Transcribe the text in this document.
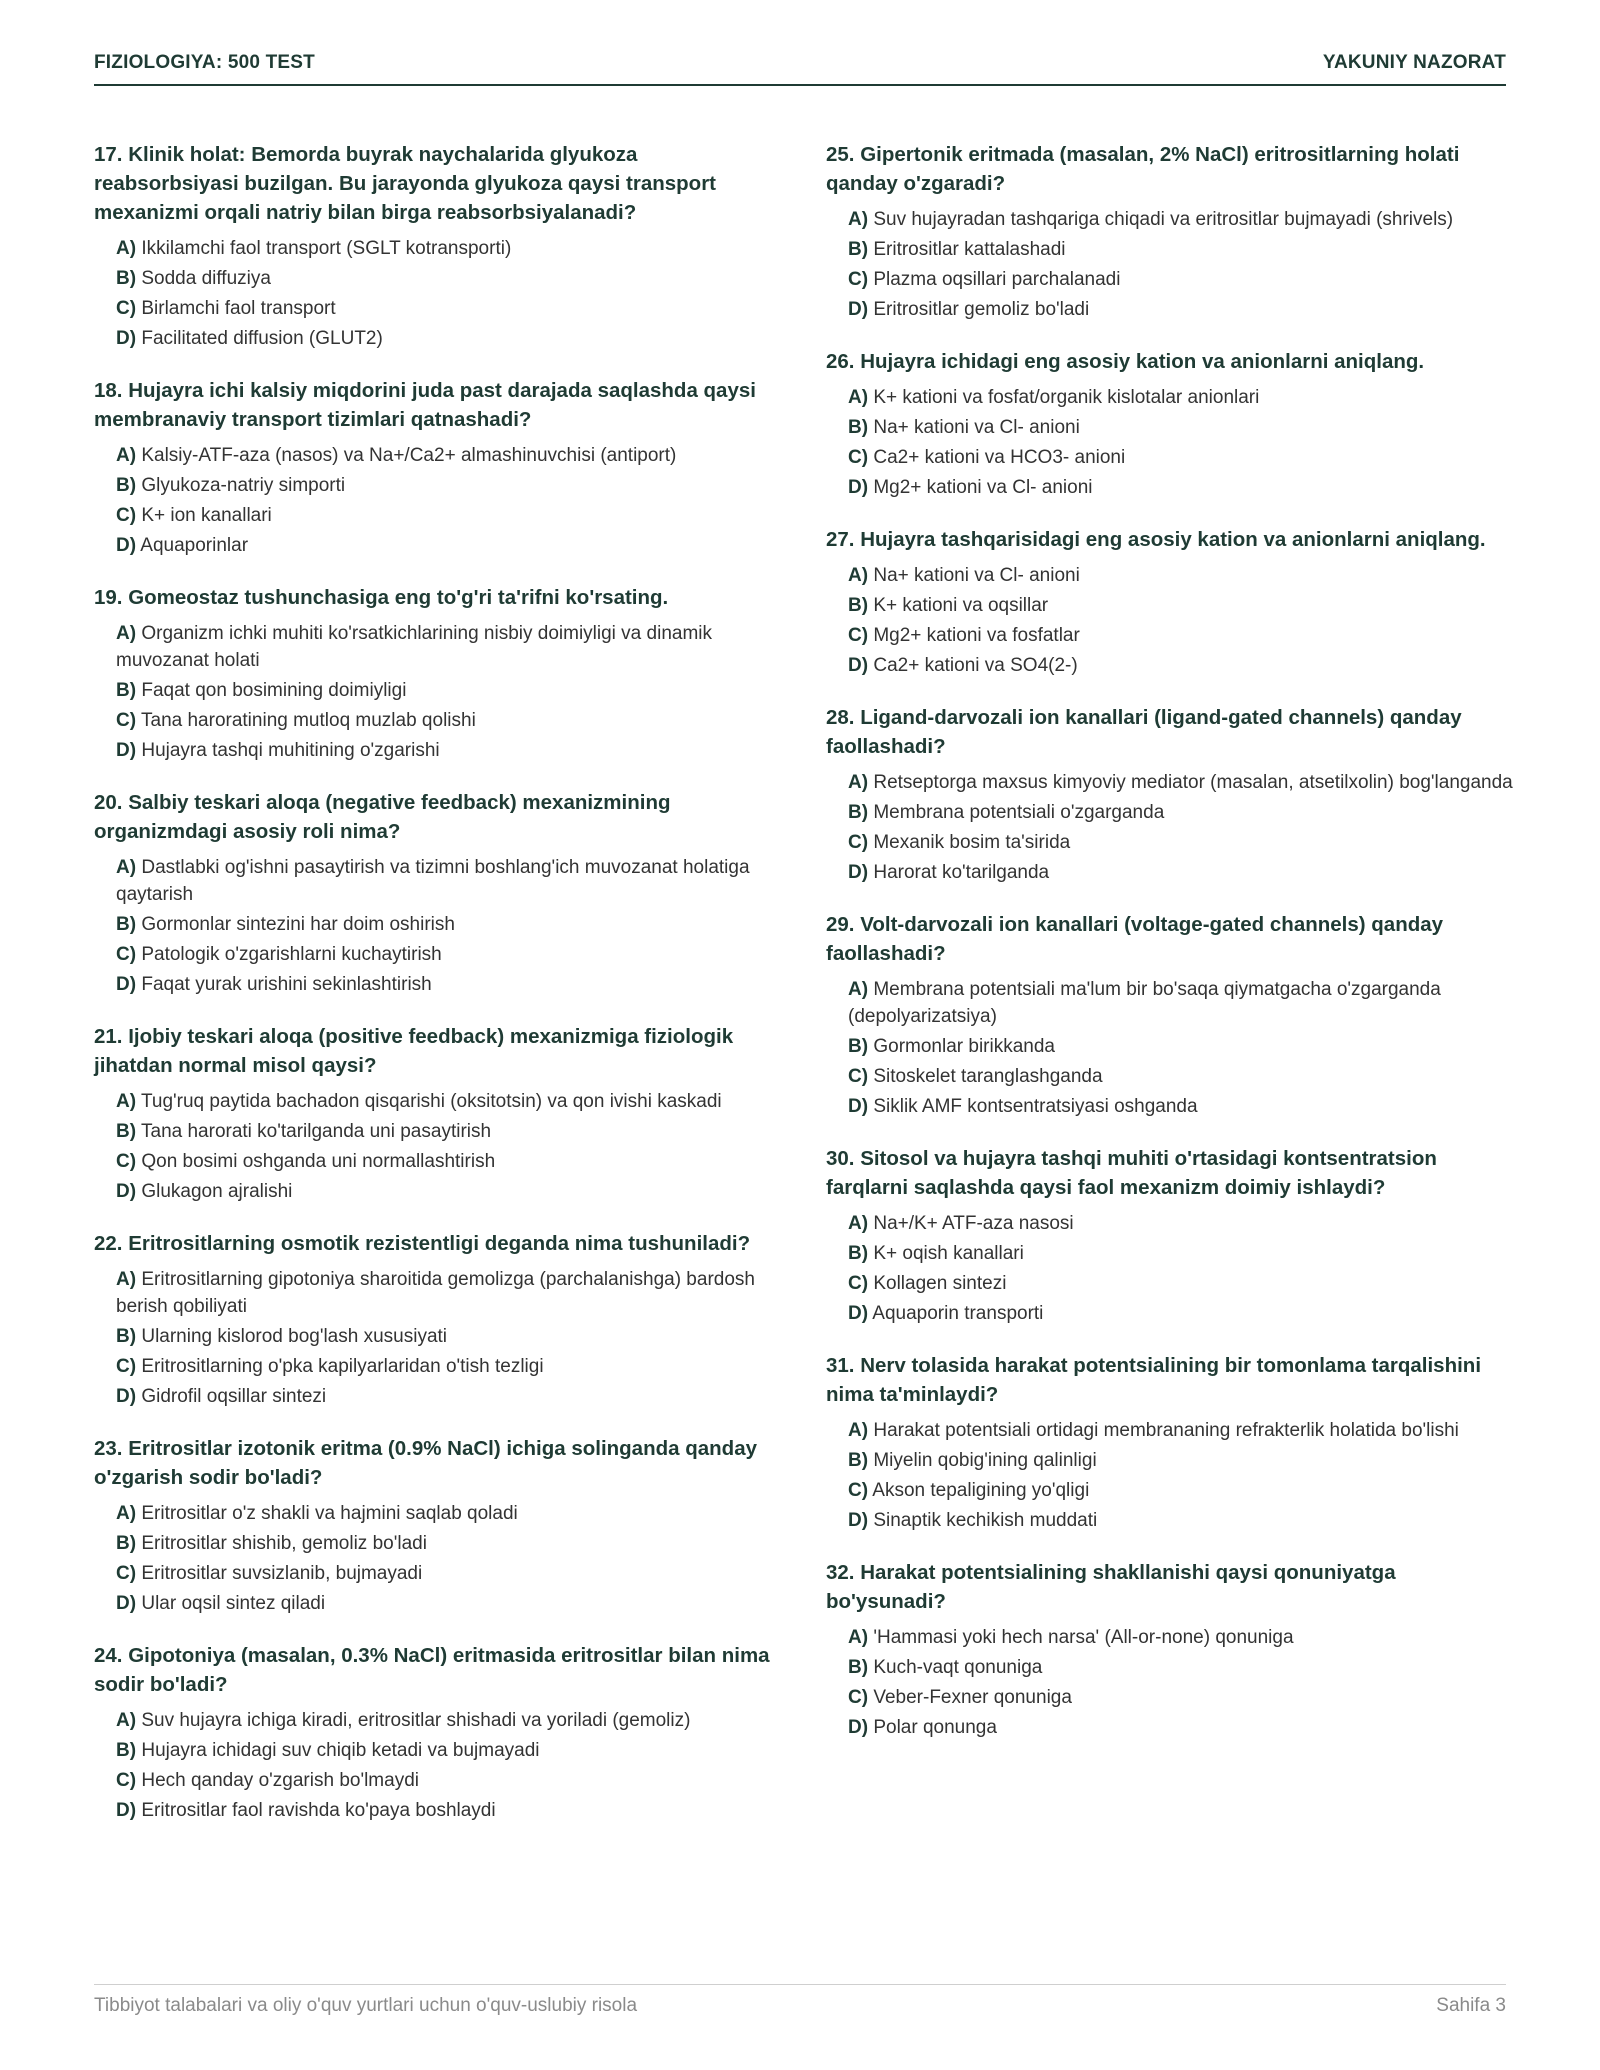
FIZIOLOGIYA: 500 TEST	YAKUNIY NAZORAT

17. Klinik holat: Bemorda buyrak naychalarida glyukoza reabsorbsiyasi buzilgan. Bu jarayonda glyukoza qaysi transport mexanizmi orqali natriy bilan birga reabsorbsiyalanadi?

A) Ikkilamchi faol transport (SGLT kotransporti)
B) Sodda diffuziya
C) Birlamchi faol transport
D) Facilitated diffusion (GLUT2)

18. Hujayra ichi kalsiy miqdorini juda past darajada saqlashda qaysi membranaviy transport tizimlari qatnashadi?

A) Kalsiy-ATF-aza (nasos) va Na+/Ca2+ almashinuvchisi (antiport)
B) Glyukoza-natriy simporti
C) K+ ion kanallari
D) Aquaporinlar

19. Gomeostaz tushunchasiga eng to'g'ri ta'rifni ko'rsating.

A) Organizm ichki muhiti ko'rsatkichlarining nisbiy doimiyligi va dinamik muvozanat holati
B) Faqat qon bosimining doimiyligi
C) Tana haroratining mutloq muzlab qolishi
D) Hujayra tashqi muhitining o'zgarishi

20. Salbiy teskari aloqa (negative feedback) mexanizmining organizmdagi asosiy roli nima?

A) Dastlabki og'ishni pasaytirish va tizimni boshlang'ich muvozanat holatiga qaytarish
B) Gormonlar sintezini har doim oshirish
C) Patologik o'zgarishlarni kuchaytirish
D) Faqat yurak urishini sekinlashtirish

21. Ijobiy teskari aloqa (positive feedback) mexanizmiga fiziologik jihatdan normal misol qaysi?

A) Tug'ruq paytida bachadon qisqarishi (oksitotsin) va qon ivishi kaskadi
B) Tana harorati ko'tarilganda uni pasaytirish
C) Qon bosimi oshganda uni normallashtirish
D) Glukagon ajralishi

22. Eritrositlarning osmotik rezistentligi deganda nima tushuniladi?

A) Eritrositlarning gipotoniya sharoitida gemolizga (parchalanishga) bardosh berish qobiliyati
B) Ularning kislorod bog'lash xususiyati
C) Eritrositlarning o'pka kapilyarlaridan o'tish tezligi
D) Gidrofil oqsillar sintezi

23. Eritrositlar izotonik eritma (0.9% NaCl) ichiga solinganda qanday o'zgarish sodir bo'ladi?

A) Eritrositlar o'z shakli va hajmini saqlab qoladi
B) Eritrositlar shishib, gemoliz bo'ladi
C) Eritrositlar suvsizlanib, bujmayadi
D) Ular oqsil sintez qiladi

24. Gipotoniya (masalan, 0.3% NaCl) eritmasida eritrositlar bilan nima sodir bo'ladi?

A) Suv hujayra ichiga kiradi, eritrositlar shishadi va yoriladi (gemoliz)
B) Hujayra ichidagi suv chiqib ketadi va bujmayadi
C) Hech qanday o'zgarish bo'lmaydi
D) Eritrositlar faol ravishda ko'paya boshlaydi

25. Gipertonik eritmada (masalan, 2% NaCl) eritrositlarning holati qanday o'zgaradi?

A) Suv hujayradan tashqariga chiqadi va eritrositlar bujmayadi (shrivels)
B) Eritrositlar kattalashadi
C) Plazma oqsillari parchalanadi
D) Eritrositlar gemoliz bo'ladi

26. Hujayra ichidagi eng asosiy kation va anionlarni aniqlang.

A) K+ kationi va fosfat/organik kislotalar anionlari
B) Na+ kationi va Cl- anioni
C) Ca2+ kationi va HCO3- anioni
D) Mg2+ kationi va Cl- anioni

27. Hujayra tashqarisidagi eng asosiy kation va anionlarni aniqlang.

A) Na+ kationi va Cl- anioni
B) K+ kationi va oqsillar
C) Mg2+ kationi va fosfatlar
D) Ca2+ kationi va SO4(2-)

28. Ligand-darvozali ion kanallari (ligand-gated channels) qanday faollashadi?

A) Retseptorga maxsus kimyoviy mediator (masalan, atsetilxolin) bog'langanda
B) Membrana potentsiali o'zgarganda
C) Mexanik bosim ta'sirida
D) Harorat ko'tarilganda

29. Volt-darvozali ion kanallari (voltage-gated channels) qanday faollashadi?

A) Membrana potentsiali ma'lum bir bo'saqa qiymatgacha o'zgarganda (depolyarizatsiya)
B) Gormonlar birikkanda
C) Sitoskelet taranglashganda
D) Siklik AMF kontsentratsiyasi oshganda

30. Sitosol va hujayra tashqi muhiti o'rtasidagi kontsentratsion farqlarni saqlashda qaysi faol mexanizm doimiy ishlaydi?

A) Na+/K+ ATF-aza nasosi
B) K+ oqish kanallari
C) Kollagen sintezi
D) Aquaporin transporti

31. Nerv tolasida harakat potentsialining bir tomonlama tarqalishini nima ta'minlaydi?

A) Harakat potentsiali ortidagi membrananing refrakterlik holatida bo'lishi
B) Miyelin qobig'ining qalinligi
C) Akson tepaligining yo'qligi
D) Sinaptik kechikish muddati

32. Harakat potentsialining shakllanishi qaysi qonuniyatga bo'ysunadi?

A) 'Hammasi yoki hech narsa' (All-or-none) qonuniga
B) Kuch-vaqt qonuniga
C) Veber-Fexner qonuniga
D) Polar qonunga
Tibbiyot talabalari va oliy o'quv yurtlari uchun o'quv-uslubiy risola	Sahifa 3
